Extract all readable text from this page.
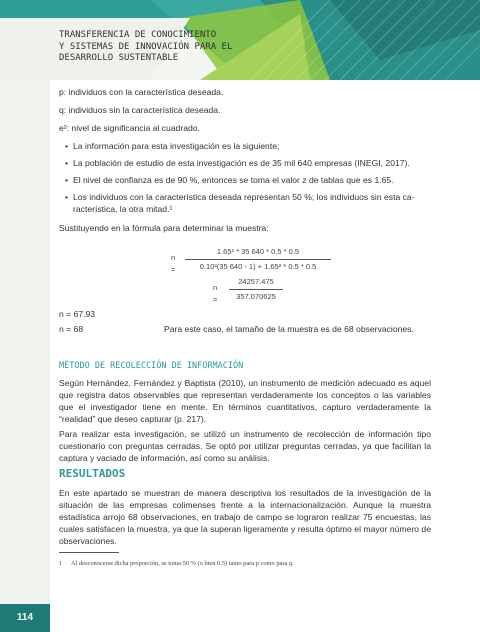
TRANSFERENCIA DE CONOCIMIENTO
Y SISTEMAS DE INNOVACIÓN PARA EL
DESARROLLO SUSTENTABLE
114
p: individuos con la característica deseada.
q: individuos sin la característica deseada.
e²: nivel de significancia al cuadrado.
• La información para esta investigación es la siguiente;
• La población de estudio de esta investigación es de 35 mil 640 empresas (INEGI, 2017).
• El nivel de confianza es de 90 %, entonces se toma el valor z de tablas que es 1.65.
• Los individuos con la característica deseada representan 50 %; los individuos sin esta ca-
racterística, la otra mitad.¹
Sustituyendo en la fórmula para determinar la muestra:
$n = \frac{\text{1.65² * 35 640 * 0.5 * 0.5}}{\text{0.10²(35 640 - 1) + 1.65² * 0.5 * 0.5}}$
$n = \frac{24257.475}{357.070625}$
n = 67.93
n = 68	Para este caso, el tamaño de la muestra es de 68 observaciones.
MÉTODO DE RECOLECCIÓN DE INFORMACIÓN
Según Hernández, Fernández y Baptista (2010), un instrumento de medición adecuado es aquel que registra datos observables que representan verdaderamente los conceptos o las variables que el investigador tiene en mente. En términos cuantitativos, capturo verdaderamente la “realidad” que deseo capturar (p. 217).
Para realizar esta investigación, se utilizó un instrumento de recolección de información tipo cuestionario con preguntas cerradas. Se optó por utilizar preguntas cerradas, ya que facilitan la captura y vaciado de información, así como su análisis.
RESULTADOS
En este apartado se muestran de manera descriptiva los resultados de la investigación de la situación de las empresas colimenses frente a la internacionalización. Aunque la muestra estadística arrojo 68 observaciones, en trabajo de campo se lograron realizar 75 encuestas, las cuales satisfacen la muestra, ya que la superan ligeramente y resulta óptimo el mayor número de observaciones.
1 Al desconocerse dicha proporción, se toma 50 % (o bien 0.5) tanto para p como para q.
